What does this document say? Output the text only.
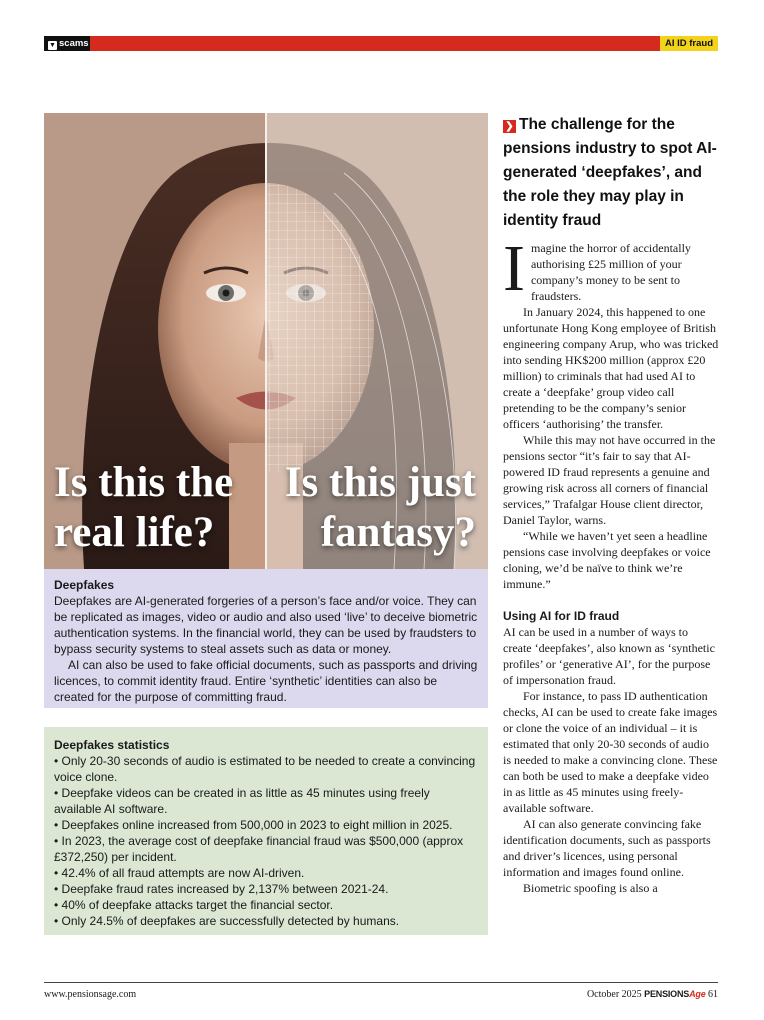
▼ scams	AI ID fraud
Is this the
real life?
Is this just
fantasy?
Deepfakes

Deepfakes are AI-generated forgeries of a person’s face and/or voice. They can be replicated as images, video or audio and also used ‘live’ to deceive biometric authentication systems. In the financial world, they can be used by fraudsters to bypass security systems to steal assets such as data or money.

AI can also be used to fake official documents, such as passports and driving licences, to commit identity fraud. Entire ‘synthetic’ identities can also be created for the purpose of committing fraud.

Deepfakes statistics
• Only 20-30 seconds of audio is estimated to be needed to create a convincing voice clone.
• Deepfake videos can be created in as little as 45 minutes using freely available AI software.
• Deepfakes online increased from 500,000 in 2023 to eight million in 2025.
• In 2023, the average cost of deepfake financial fraud was $500,000 (approx £372,250) per incident.
• 42.4% of all fraud attempts are now AI-driven.
• Deepfake fraud rates increased by 2,137% between 2021-24.
• 40% of deepfake attacks target the financial sector.
• Only 24.5% of deepfakes are successfully detected by humans.
❯ The challenge for the pensions industry to spot AI-generated ‘deepfakes’, and the role they may play in identity fraud

Imagine the horror of accidentally authorising £25 million of your company’s money to be sent to fraudsters.

In January 2024, this happened to one unfortunate Hong Kong employee of British engineering company Arup, who was tricked into sending HK$200 million (approx £20 million) to criminals that had used AI to create a ‘deepfake’ group video call pretending to be the company’s senior officers ‘authorising’ the transfer.

While this may not have occurred in the pensions sector “it’s fair to say that AI-powered ID fraud represents a genuine and growing risk across all corners of financial services,” Trafalgar House client director, Daniel Taylor, warns.

“While we haven’t yet seen a headline pensions case involving deepfakes or voice cloning, we’d be naïve to think we’re immune.”

Using AI for ID fraud

AI can be used in a number of ways to create ‘deepfakes’, also known as ‘synthetic profiles’ or ‘generative AI’, for the purpose of impersonation fraud.

For instance, to pass ID authentication checks, AI can be used to create fake images or clone the voice of an individual – it is estimated that only 20-30 seconds of audio is needed to make a convincing clone. These can both be used to make a deepfake video in as little as 45 minutes using freely-available software.

AI can also generate convincing fake identification documents, such as passports and driver’s licences, using personal information and images found online.

Biometric spoofing is also a

www.pensionsage.com	October 2025 PENSIONSAge 61
